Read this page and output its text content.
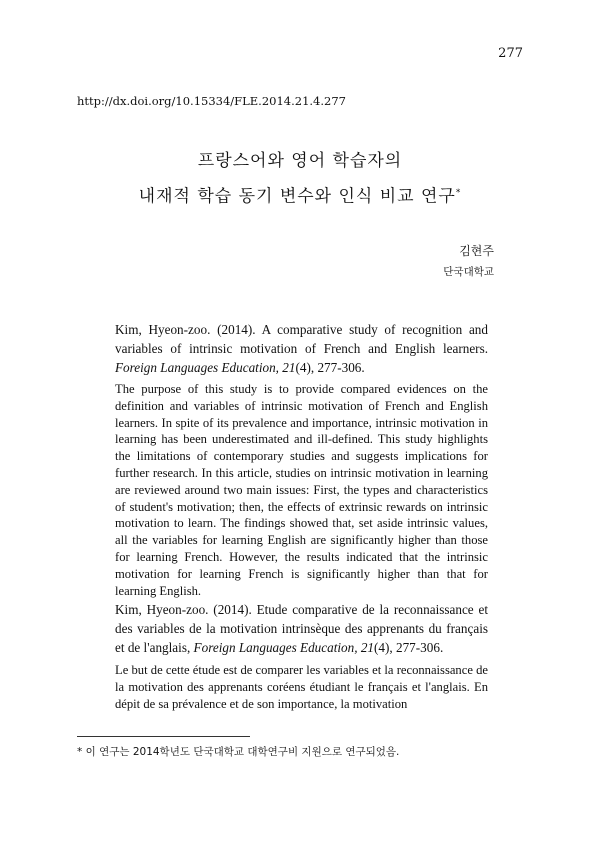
277
http://dx.doi.org/10.15334/FLE.2014.21.4.277
프랑스어와 영어 학습자의
내재적 학습 동기 변수와 인식 비교 연구*
김현주
단국대학교
Kim, Hyeon-zoo. (2014). A comparative study of recognition and variables of intrinsic motivation of French and English learners. Foreign Languages Education, 21(4), 277-306.
The purpose of this study is to provide compared evidences on the definition and variables of intrinsic motivation of French and English learners. In spite of its prevalence and importance, intrinsic motivation in learning has been underestimated and ill-defined. This study highlights the limitations of contemporary studies and suggests implications for further research. In this article, studies on intrinsic motivation in learning are reviewed around two main issues: First, the types and characteristics of student's motivation; then, the effects of extrinsic rewards on intrinsic motivation to learn. The findings showed that, set aside intrinsic values, all the variables for learning English are significantly higher than those for learning French. However, the results indicated that the intrinsic motivation for learning French is significantly higher than that for learning English.
Kim, Hyeon-zoo. (2014). Etude comparative de la reconnaissance et des variables de la motivation intrinsèque des apprenants du français et de l'anglais, Foreign Languages Education, 21(4), 277-306.
Le but de cette étude est de comparer les variables et la reconnaissance de la motivation des apprenants coréens étudiant le français et l'anglais. En dépit de sa prévalence et de son importance, la motivation
* 이 연구는 2014학년도 단국대학교 대학연구비 지원으로 연구되었음.
